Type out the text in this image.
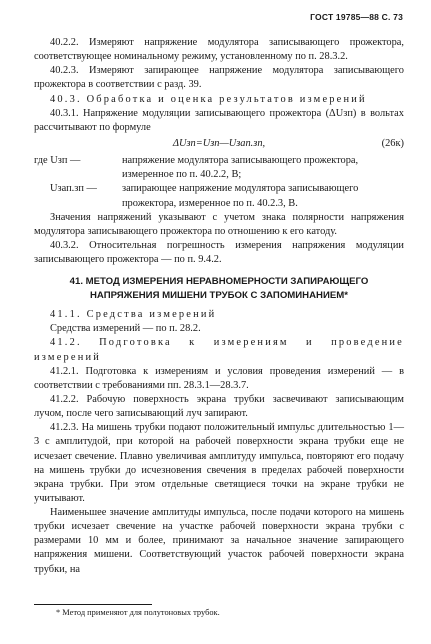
ГОСТ 19785—88 С. 73

40.2.2. Измеряют напряжение модулятора записывающего прожектора, соответствующее номинальному режиму, установленному по п. 28.3.2.

40.2.3. Измеряют запирающее напряжение модулятора записывающего прожектора в соответствии с разд. 39.

40.3. Обработка и оценка результатов измерений

40.3.1. Напряжение модуляции записывающего прожектора (ΔUзп) в вольтах рассчитывают по формуле

ΔUзп=Uзп—Uзап.зп,	(26к)
где Uзп —	напряжение модулятора записывающего прожектора, измеренное по п. 40.2.2, В;
Uзап.зп —	запирающее напряжение модулятора записывающего прожектора, измеренное по п. 40.2.3, В.

Значения напряжений указывают с учетом знака полярности напряжения модулятора записывающего прожектора по отношению к его катоду.

40.3.2. Относительная погрешность измерения напряжения модуляции записывающего прожектора — по п. 9.4.2.

41. МЕТОД ИЗМЕРЕНИЯ НЕРАВНОМЕРНОСТИ ЗАПИРАЮЩЕГО НАПРЯЖЕНИЯ МИШЕНИ ТРУБОК С ЗАПОМИНАНИЕМ*

41.1. Средства измерений

Средства измерений — по п. 28.2.

41.2. Подготовка к измерениям и проведение измерений

41.2.1. Подготовка к измерениям и условия проведения измерений — в соответствии с требованиями пп. 28.3.1—28.3.7.

41.2.2. Рабочую поверхность экрана трубки засвечивают записывающим лучом, после чего записывающий луч запирают.

41.2.3. На мишень трубки подают положительный импульс длительностью 1—3 с амплитудой, при которой на рабочей поверхности экрана трубки еще не исчезает свечение. Плавно увеличивая амплитуду импульса, повторяют его подачу на мишень трубки до исчезновения свечения в пределах рабочей поверхности экрана трубки. При этом отдельные светящиеся точки на экране трубки не учитывают.

Наименьшее значение амплитуды импульса, после подачи которого на мишень трубки исчезает свечение на участке рабочей поверхности экрана трубки с размерами 10 мм и более, принимают за начальное значение запирающего напряжения мишени. Соответствующий участок рабочей поверхности экрана трубки, на

* Метод применяют для полутоновых трубок.
